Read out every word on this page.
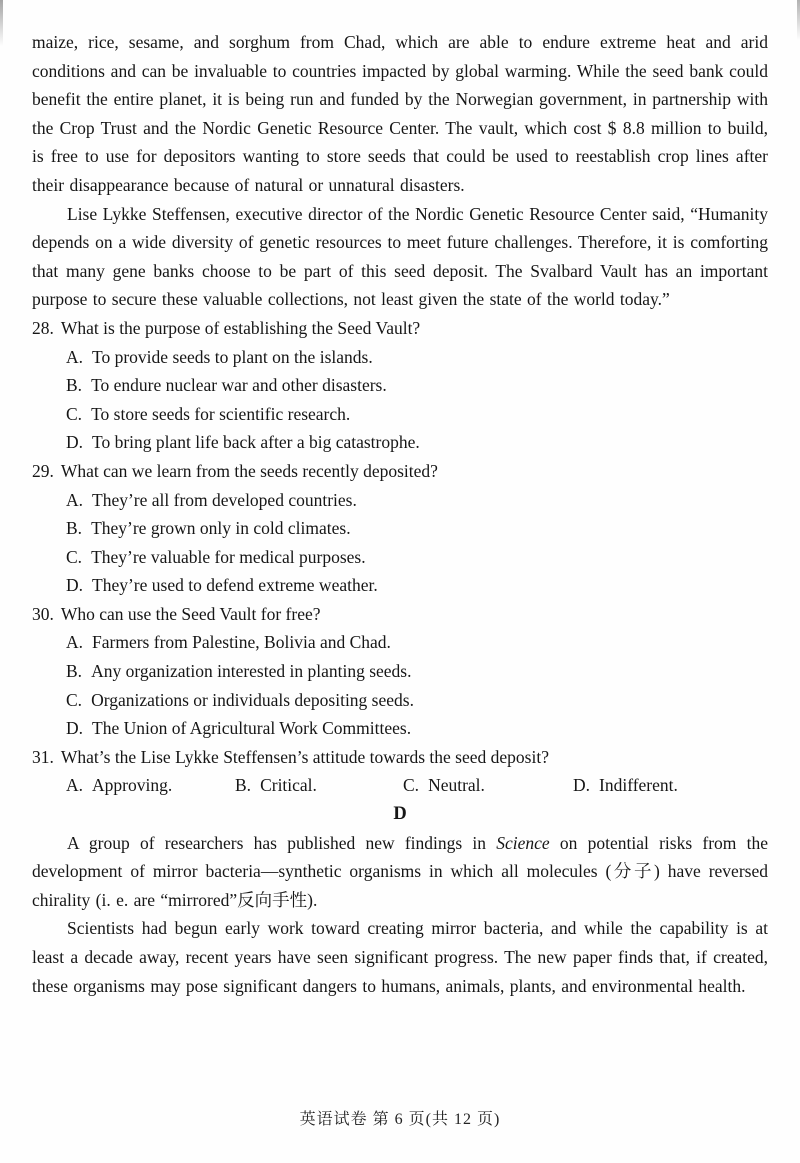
maize, rice, sesame, and sorghum from Chad, which are able to endure extreme heat and arid conditions and can be invaluable to countries impacted by global warming. While the seed bank could benefit the entire planet, it is being run and funded by the Norwegian government, in partnership with the Crop Trust and the Nordic Genetic Resource Center. The vault, which cost $ 8.8 million to build, is free to use for depositors wanting to store seeds that could be used to reestablish crop lines after their disappearance because of natural or unnatural disasters.

Lise Lykke Steffensen, executive director of the Nordic Genetic Resource Center said, “Humanity depends on a wide diversity of genetic resources to meet future challenges. Therefore, it is comforting that many gene banks choose to be part of this seed deposit. The Svalbard Vault has an important purpose to secure these valuable collections, not least given the state of the world today.”

28. What is the purpose of establishing the Seed Vault?
A. To provide seeds to plant on the islands.
B. To endure nuclear war and other disasters.
C. To store seeds for scientific research.
D. To bring plant life back after a big catastrophe.
29. What can we learn from the seeds recently deposited?
A. They’re all from developed countries.
B. They’re grown only in cold climates.
C. They’re valuable for medical purposes.
D. They’re used to defend extreme weather.
30. Who can use the Seed Vault for free?
A. Farmers from Palestine, Bolivia and Chad.
B. Any organization interested in planting seeds.
C. Organizations or individuals depositing seeds.
D. The Union of Agricultural Work Committees.
31. What’s the Lise Lykke Steffensen’s attitude towards the seed deposit?
A. Approving.	B. Critical.	C. Neutral.	D. Indifferent.

D

A group of researchers has published new findings in Science on potential risks from the development of mirror bacteria—synthetic organisms in which all molecules (分子) have reversed chirality (i. e. are “mirrored”反向手性).

Scientists had begun early work toward creating mirror bacteria, and while the capability is at least a decade away, recent years have seen significant progress. The new paper finds that, if created, these organisms may pose significant dangers to humans, animals, plants, and environmental health.

英语试卷 第 6 页(共 12 页)
